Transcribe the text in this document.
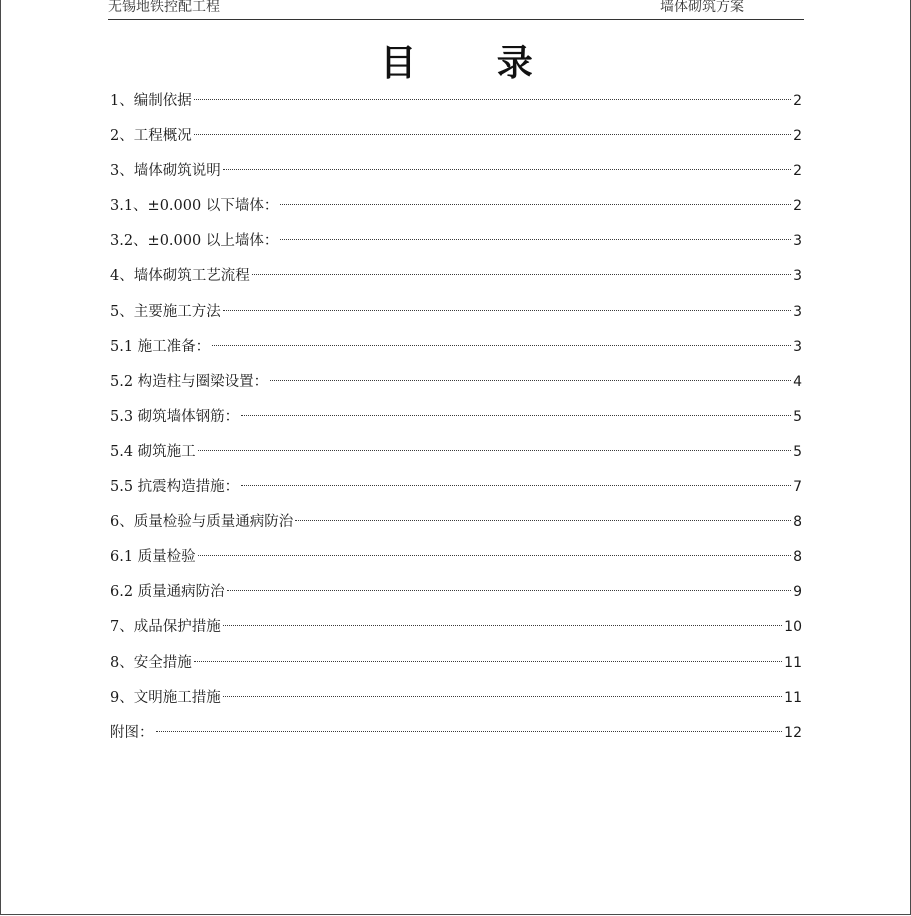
无锡地铁控配工程	墙体砌筑方案
目 录
1、编制依据	2
2、工程概况	2
3、墙体砌筑说明	2
3.1、±0.000 以下墙体：	2
3.2、±0.000 以上墙体：	3
4、墙体砌筑工艺流程	3
5、主要施工方法	3
5.1 施工准备：	3
5.2 构造柱与圈梁设置：	4
5.3 砌筑墙体钢筋：	5
5.4 砌筑施工	5
5.5 抗震构造措施：	7
6、质量检验与质量通病防治	8
6.1 质量检验	8
6.2 质量通病防治	9
7、成品保护措施	10
8、安全措施	11
9、文明施工措施	11
附图：	12
